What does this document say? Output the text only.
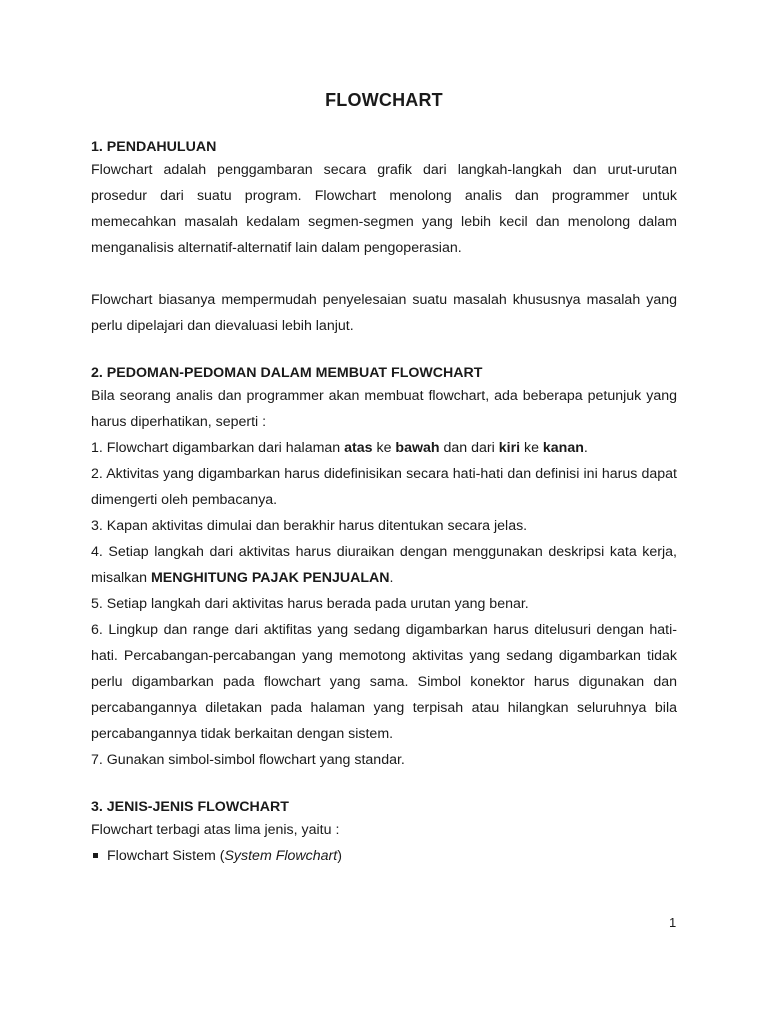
FLOWCHART
1. PENDAHULUAN

Flowchart adalah penggambaran secara grafik dari langkah-langkah dan urut-urutan prosedur dari suatu program. Flowchart menolong analis dan programmer untuk memecahkan masalah kedalam segmen-segmen yang lebih kecil dan menolong dalam menganalisis alternatif-alternatif lain dalam pengoperasian.

Flowchart biasanya mempermudah penyelesaian suatu masalah khususnya masalah yang perlu dipelajari dan dievaluasi lebih lanjut.

2. PEDOMAN-PEDOMAN DALAM MEMBUAT FLOWCHART

Bila seorang analis dan programmer akan membuat flowchart, ada beberapa petunjuk yang harus diperhatikan, seperti :

1. Flowchart digambarkan dari halaman atas ke bawah dan dari kiri ke kanan.

2. Aktivitas yang digambarkan harus didefinisikan secara hati-hati dan definisi ini harus dapat dimengerti oleh pembacanya.

3. Kapan aktivitas dimulai dan berakhir harus ditentukan secara jelas.

4. Setiap langkah dari aktivitas harus diuraikan dengan menggunakan deskripsi kata kerja, misalkan MENGHITUNG PAJAK PENJUALAN.

5. Setiap langkah dari aktivitas harus berada pada urutan yang benar.

6. Lingkup dan range dari aktifitas yang sedang digambarkan harus ditelusuri dengan hati-hati. Percabangan-percabangan yang memotong aktivitas yang sedang digambarkan tidak perlu digambarkan pada flowchart yang sama. Simbol konektor harus digunakan dan percabangannya diletakan pada halaman yang terpisah atau hilangkan seluruhnya bila percabangannya tidak berkaitan dengan sistem.

7. Gunakan simbol-simbol flowchart yang standar.

3. JENIS-JENIS FLOWCHART

Flowchart terbagi atas lima jenis, yaitu :

Flowchart Sistem (System Flowchart)
1
